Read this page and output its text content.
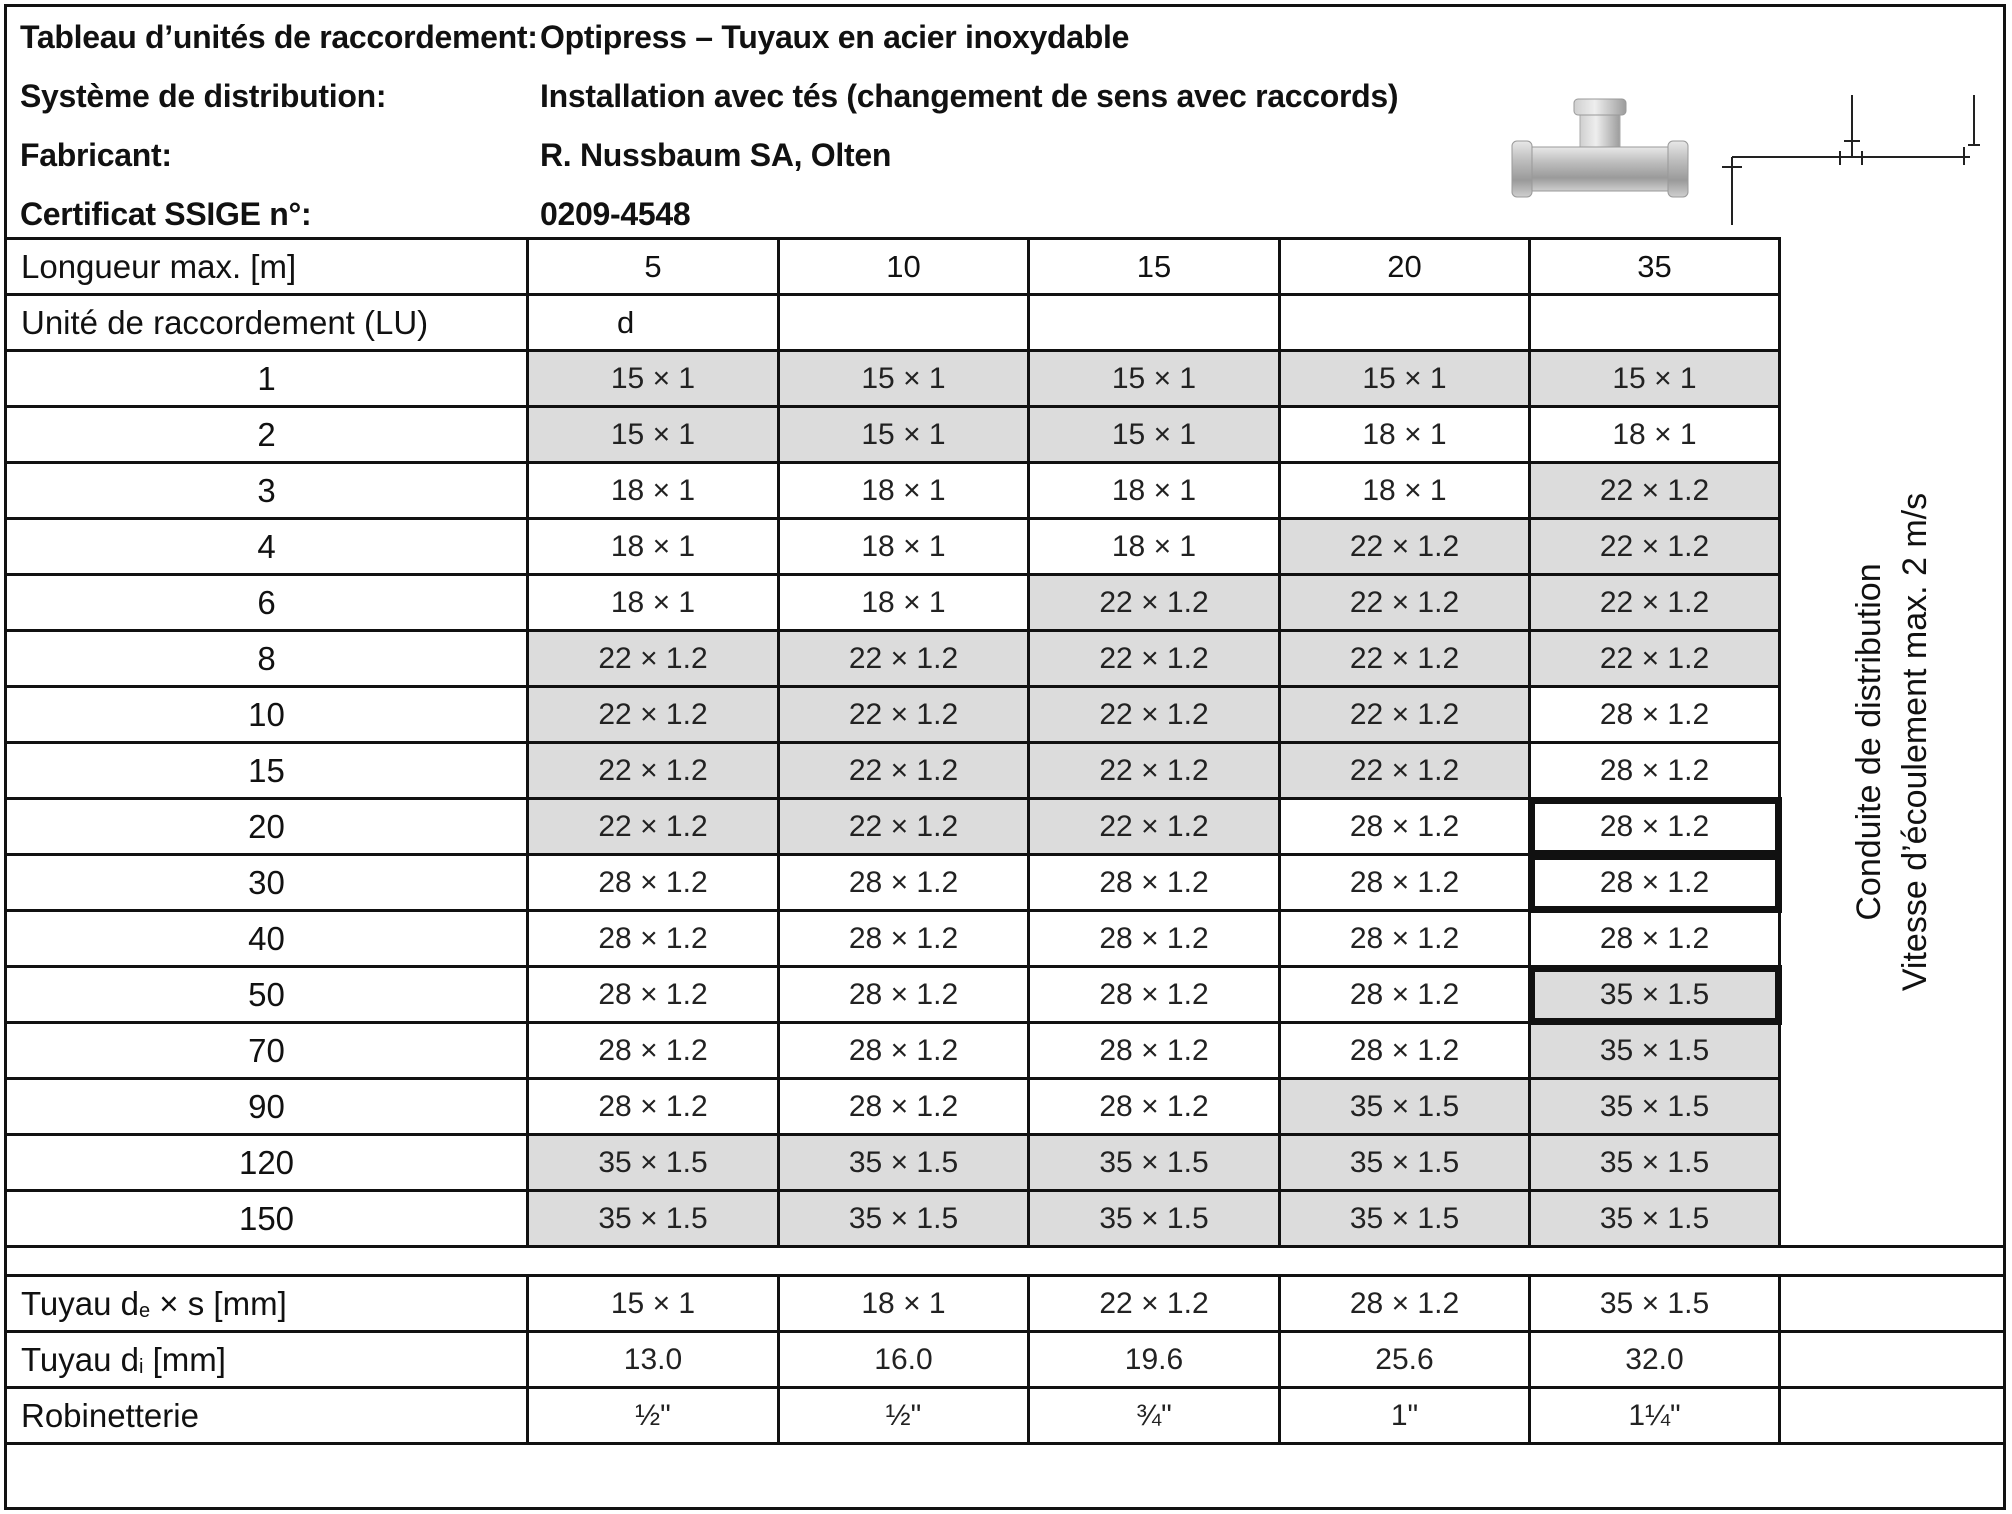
Tableau d’unités de raccordement: Optipress – Tuyaux en acier inoxydable
Système de distribution:	Installation avec tés (changement de sens avec raccords)
Fabricant:	R. Nussbaum SA, Olten
Certificat SSIGE n°:	0209-4548
Longueur max. [m]	5	10	15	20	35	Conduite de distribution Vitesse d’écoulement max. 2 m/s

Unité de raccordement (LU)	d					
1	15 × 1	15 × 1	15 × 1	15 × 1	15 × 1	
2	15 × 1	15 × 1	15 × 1	18 × 1	18 × 1	
3	18 × 1	18 × 1	18 × 1	18 × 1	22 × 1.2	
4	18 × 1	18 × 1	18 × 1	22 × 1.2	22 × 1.2	
6	18 × 1	18 × 1	22 × 1.2	22 × 1.2	22 × 1.2	
8	22 × 1.2	22 × 1.2	22 × 1.2	22 × 1.2	22 × 1.2	
10	22 × 1.2	22 × 1.2	22 × 1.2	22 × 1.2	28 × 1.2	
15	22 × 1.2	22 × 1.2	22 × 1.2	22 × 1.2	28 × 1.2	
20	22 × 1.2	22 × 1.2	22 × 1.2	28 × 1.2	28 × 1.2	
30	28 × 1.2	28 × 1.2	28 × 1.2	28 × 1.2	28 × 1.2	
40	28 × 1.2	28 × 1.2	28 × 1.2	28 × 1.2	28 × 1.2	
50	28 × 1.2	28 × 1.2	28 × 1.2	28 × 1.2	35 × 1.5	
70	28 × 1.2	28 × 1.2	28 × 1.2	28 × 1.2	35 × 1.5	
90	28 × 1.2	28 × 1.2	28 × 1.2	35 × 1.5	35 × 1.5	
120	35 × 1.5	35 × 1.5	35 × 1.5	35 × 1.5	35 × 1.5	
150	35 × 1.5	35 × 1.5	35 × 1.5	35 × 1.5	35 × 1.5	

Tuyau $d_e \times s$ [mm]	15 × 1	18 × 1	22 × 1.2	28 × 1.2	35 × 1.5	
Tuyau $d_i$ [mm]	13.0	16.0	19.6	25.6	32.0	
Robinetterie	½"	½"	¾"	1"	1¼"	
